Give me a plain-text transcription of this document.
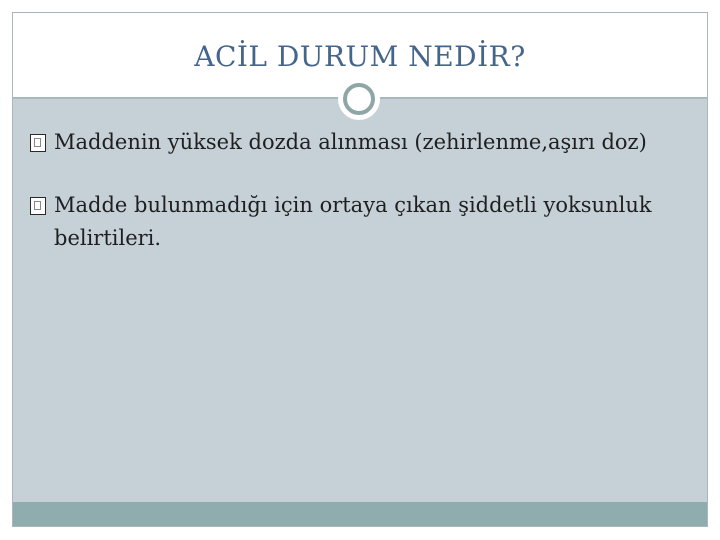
ACİL DURUM NEDİR?
Maddenin yüksek dozda alınması (zehirlenme,aşırı doz)
Madde bulunmadığı için ortaya çıkan şiddetli yoksunluk belirtileri.
